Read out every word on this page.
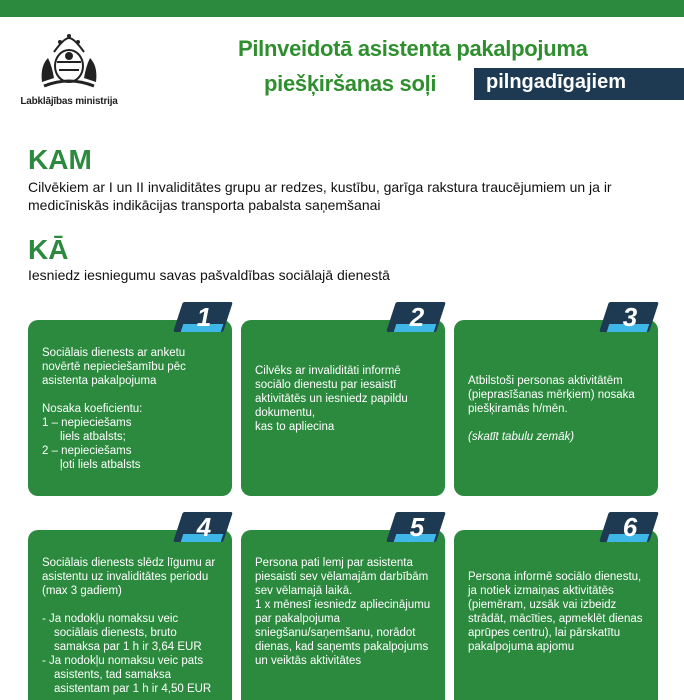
Labklājības ministrija
Pilnveidotā asistenta pakalpojuma
piešķiršanas soļi	pilngadīgajiem
KAM
Cilvēkiem ar I un II invaliditātes grupu ar redzes, kustību, garīga rakstura traucējumiem un ja ir medicīniskās indikācijas transporta pabalsta saņemšanai
KĀ
Iesniedz iesniegumu savas pašvaldības sociālajā dienestā

Sociālais dienests ar anketu novērtē nepieciešamību pēc asistenta pakalpojuma

Nosaka koeficientu:

1 – nepieciešams

liels atbalsts;

2 – nepieciešams

ļoti liels atbalsts

1

Cilvēks ar invaliditāti informē sociālo dienestu par iesaistī aktivitātēs un iesniedz papildu dokumentu,

kas to apliecina

2

Atbilstoši personas aktivitātēm (pieprasīšanas mērķiem) nosaka piešķiramās h/mēn.

(skatīt tabulu zemāk)

3

Sociālais dienests slēdz līgumu ar asistentu uz invaliditātes periodu (max 3 gadiem)

- Ja nodokļu nomaksu veic sociālais dienests, bruto samaksa par 1 h ir 3,64 EUR

- Ja nodokļu nomaksu veic pats asistents, tad samaksa asistentam par 1 h ir 4,50 EUR

4

Persona pati lemj par asistenta piesaisti sev vēlamajām darbībām sev vēlamajā laikā.

1 x mēnesī iesniedz apliecinājumu par pakalpojuma sniegšanu/saņemšanu, norādot dienas, kad saņemts pakalpojums un veiktās aktivitātes

5

Persona informē sociālo dienestu, ja notiek izmaiņas aktivitātēs (piemēram, uzsāk vai izbeidz strādāt, mācīties, apmeklēt dienas aprūpes centru), lai pārskatītu pakalpojuma apjomu

6
